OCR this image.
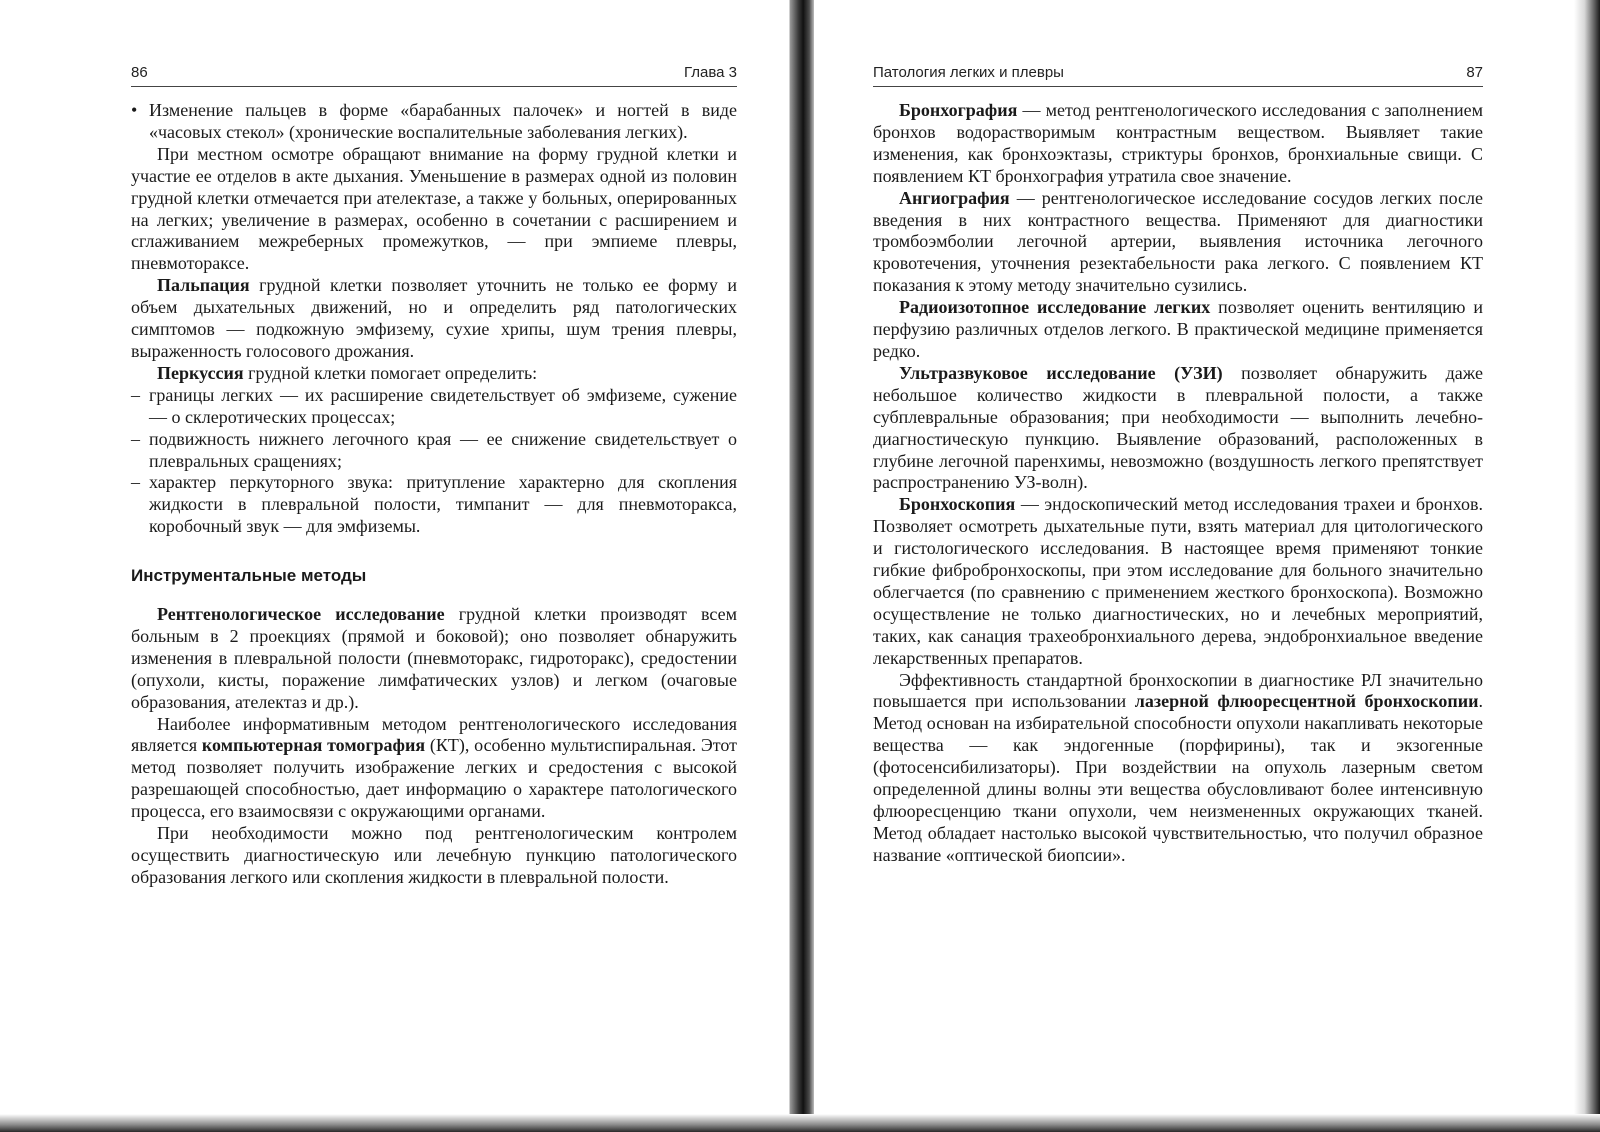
86	Глава 3
• Изменение пальцев в форме «барабанных палочек» и ногтей в виде «часовых стекол» (хронические воспалительные заболевания легких).

При местном осмотре обращают внимание на форму грудной клетки и участие ее отделов в акте дыхания. Уменьшение в размерах одной из половин грудной клетки отмечается при ателектазе, а также у больных, оперированных на легких; увеличение в размерах, особенно в сочетании с расширением и сглаживанием межреберных промежутков, — при эмпиеме плевры, пневмотораксе.

Пальпация грудной клетки позволяет уточнить не только ее форму и объем дыхательных движений, но и определить ряд патологических симптомов — подкожную эмфизему, сухие хрипы, шум трения плевры, выраженность голосового дрожания.

Перкуссия грудной клетки помогает определить:

– границы легких — их расширение свидетельствует об эмфиземе, сужение — о склеротических процессах;
– подвижность нижнего легочного края — ее снижение свидетельствует о плевральных сращениях;
– характер перкуторного звука: притупление характерно для скопления жидкости в плевральной полости, тимпанит — для пневмоторакса, коробочный звук — для эмфиземы.
Инструментальные методы

Рентгенологическое исследование грудной клетки производят всем больным в 2 проекциях (прямой и боковой); оно позволяет обнаружить изменения в плевральной полости (пневмоторакс, гидроторакс), средостении (опухоли, кисты, поражение лимфатических узлов) и легком (очаговые образования, ателектаз и др.).

Наиболее информативным методом рентгенологического исследования является компьютерная томография (КТ), особенно мультиспиральная. Этот метод позволяет получить изображение легких и средостения с высокой разрешающей способностью, дает информацию о характере патологического процесса, его взаимосвязи с окружающими органами.

При необходимости можно под рентгенологическим контролем осуществить диагностическую или лечебную пункцию патологического образования легкого или скопления жидкости в плевральной полости.

Патология легких и плевры	87

Бронхография — метод рентгенологического исследования с заполнением бронхов водорастворимым контрастным веществом. Выявляет такие изменения, как бронхоэктазы, стриктуры бронхов, бронхиальные свищи. С появлением КТ бронхография утратила свое значение.

Ангиография — рентгенологическое исследование сосудов легких после введения в них контрастного вещества. Применяют для диагностики тромбоэмболии легочной артерии, выявления источника легочного кровотечения, уточнения резектабельности рака легкого. С появлением КТ показания к этому методу значительно сузились.

Радиоизотопное исследование легких позволяет оценить вентиляцию и перфузию различных отделов легкого. В практической медицине применяется редко.

Ультразвуковое исследование (УЗИ) позволяет обнаружить даже небольшое количество жидкости в плевральной полости, а также субплевральные образования; при необходимости — выполнить лечебно-диагностическую пункцию. Выявление образований, расположенных в глубине легочной паренхимы, невозможно (воздушность легкого препятствует распространению УЗ-волн).

Бронхоскопия — эндоскопический метод исследования трахеи и бронхов. Позволяет осмотреть дыхательные пути, взять материал для цитологического и гистологического исследования. В настоящее время применяют тонкие гибкие фибробронхоскопы, при этом исследование для больного значительно облегчается (по сравнению с применением жесткого бронхоскопа). Возможно осуществление не только диагностических, но и лечебных мероприятий, таких, как санация трахеобронхиального дерева, эндобронхиальное введение лекарственных препаратов.

Эффективность стандартной бронхоскопии в диагностике РЛ значительно повышается при использовании лазерной флюоресцентной бронхоскопии. Метод основан на избирательной способности опухоли накапливать некоторые вещества — как эндогенные (порфирины), так и экзогенные (фотосенсибилизаторы). При воздействии на опухоль лазерным светом определенной длины волны эти вещества обусловливают более интенсивную флюоресценцию ткани опухоли, чем неизмененных окружающих тканей. Метод обладает настолько высокой чувствительностью, что получил образное название «оптической биопсии».
